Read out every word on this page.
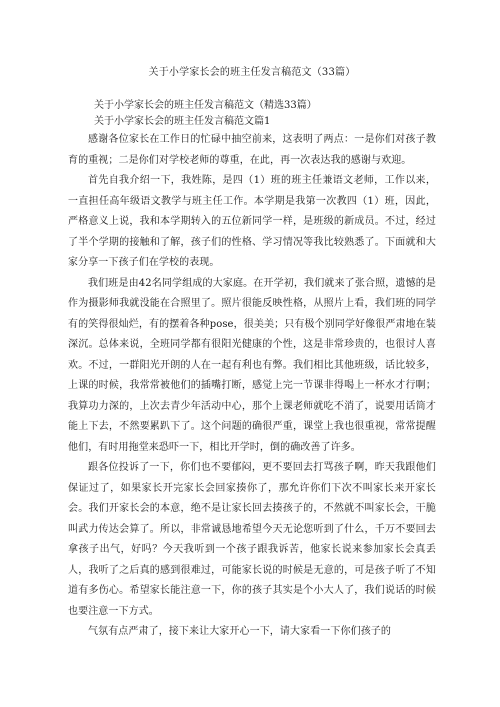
关于小学家长会的班主任发言稿范文（33篇）
关于小学家长会的班主任发言稿范文（精选33篇）
关于小学家长会的班主任发言稿范文篇1

感谢各位家长在工作日的忙碌中抽空前来，这表明了两点：一是你们对孩子教育的重视；二是你们对学校老师的尊重，在此，再一次表达我的感谢与欢迎。

首先自我介绍一下，我姓陈，是四（1）班的班主任兼语文老师，工作以来，一直担任高年级语文教学与班主任工作。本学期是我第一次教四（1）班，因此，严格意义上说，我和本学期转入的五位新同学一样，是班级的新成员。不过，经过了半个学期的接触和了解，孩子们的性格、学习情况等我比较熟悉了。下面就和大家分享一下孩子们在学校的表现。

我们班是由42名同学组成的大家庭。在开学初，我们就来了张合照，遗憾的是作为摄影师我就没能在合照里了。照片很能反映性格，从照片上看，我们班的同学有的笑得很灿烂，有的摆着各种pose，很美美；只有极个别同学好像很严肃地在装深沉。总体来说，全班同学都有很阳光健康的个性，这是非常珍贵的，也很讨人喜欢。不过，一群阳光开朗的人在一起有利也有弊。我们相比其他班级，话比较多，上课的时候，我常常被他们的插嘴打断，感觉上完一节课非得喝上一杯水才行啊；我算功力深的，上次去青少年活动中心，那个上课老师就吃不消了，说要用话筒才能上下去，不然要累趴下了。这个问题的确很严重，课堂上我也很重视，常常提醒他们，有时用拖堂来恐吓一下，相比开学时，倒的确改善了许多。

跟各位投诉了一下，你们也不要郁闷，更不要回去打骂孩子啊，昨天我跟他们保证过了，如果家长开完家长会回家揍你了，那允许你们下次不叫家长来开家长会。我们开家长会的本意，绝不是让家长回去揍孩子的，不然就不叫家长会，干脆叫武力传达会算了。所以，非常诚恳地希望今天无论您听到了什么，千万不要回去拿孩子出气，好吗？今天我听到一个孩子跟我诉苦，他家长说来参加家长会真丢人，我听了之后真的感到很难过，可能家长说的时候是无意的，可是孩子听了不知道有多伤心。希望家长能注意一下，你的孩子其实是个小大人了，我们说话的时候也要注意一下方式。

气氛有点严肃了，接下来让大家开心一下，请大家看一下你们孩子的
